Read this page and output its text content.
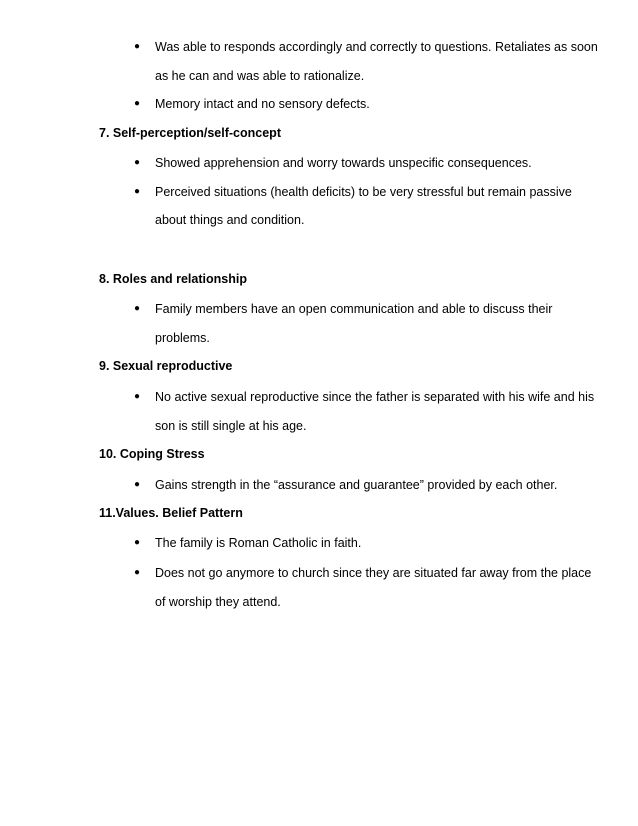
● Was able to responds accordingly and correctly to questions. Retaliates as soon
as he can and was able to rationalize.
● Memory intact and no sensory defects.
7. Self-perception/self-concept
● Showed apprehension and worry towards unspecific consequences.
● Perceived situations (health deficits) to be very stressful but remain passive
about things and condition.
8. Roles and relationship
● Family members have an open communication and able to discuss their
problems.
9. Sexual reproductive
● No active sexual reproductive since the father is separated with his wife and his
son is still single at his age.
10. Coping Stress
● Gains strength in the “assurance and guarantee” provided by each other.
11.Values. Belief Pattern
● The family is Roman Catholic in faith.
● Does not go anymore to church since they are situated far away from the place
of worship they attend.
